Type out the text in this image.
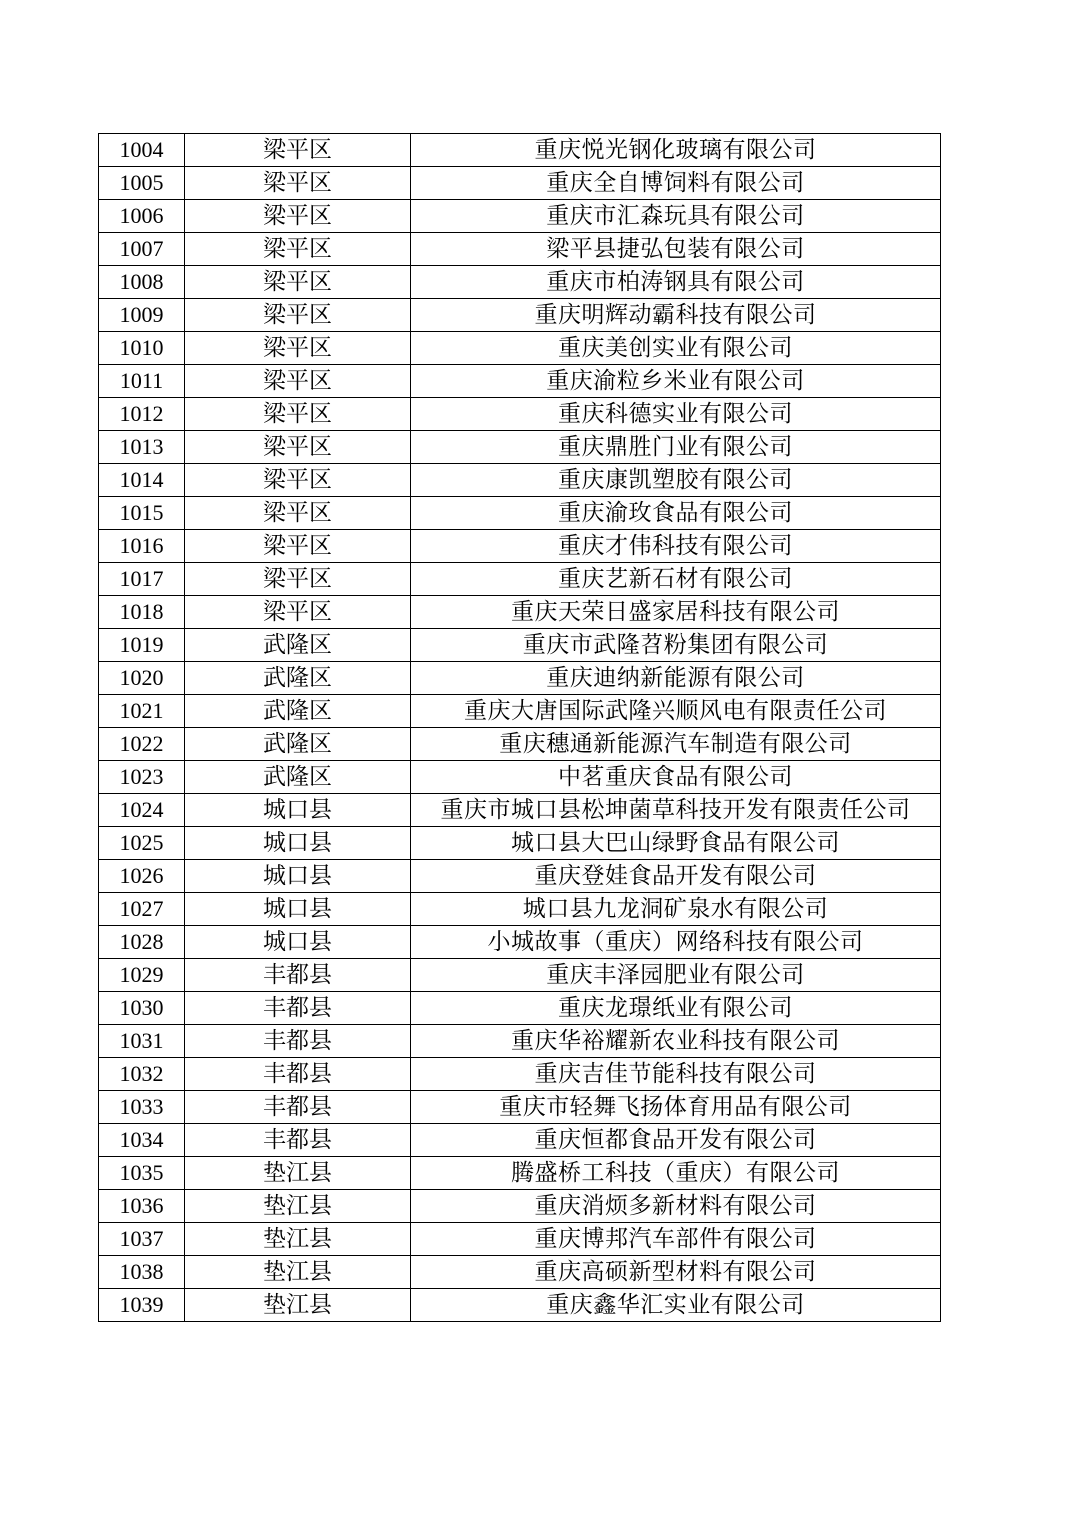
1004	梁平区	重庆悦光钢化玻璃有限公司
1005	梁平区	重庆全自博饲料有限公司
1006	梁平区	重庆市汇森玩具有限公司
1007	梁平区	梁平县捷弘包装有限公司
1008	梁平区	重庆市柏涛钢具有限公司
1009	梁平区	重庆明辉动霸科技有限公司
1010	梁平区	重庆美创实业有限公司
1011	梁平区	重庆渝粒乡米业有限公司
1012	梁平区	重庆科德实业有限公司
1013	梁平区	重庆鼎胜门业有限公司
1014	梁平区	重庆康凯塑胶有限公司
1015	梁平区	重庆渝玫食品有限公司
1016	梁平区	重庆才伟科技有限公司
1017	梁平区	重庆艺新石材有限公司
1018	梁平区	重庆天荣日盛家居科技有限公司
1019	武隆区	重庆市武隆苕粉集团有限公司
1020	武隆区	重庆迪纳新能源有限公司
1021	武隆区	重庆大唐国际武隆兴顺风电有限责任公司
1022	武隆区	重庆穗通新能源汽车制造有限公司
1023	武隆区	中茗重庆食品有限公司
1024	城口县	重庆市城口县松坤菌草科技开发有限责任公司
1025	城口县	城口县大巴山绿野食品有限公司
1026	城口县	重庆登娃食品开发有限公司
1027	城口县	城口县九龙洞矿泉水有限公司
1028	城口县	小城故事（重庆）网络科技有限公司
1029	丰都县	重庆丰泽园肥业有限公司
1030	丰都县	重庆龙璟纸业有限公司
1031	丰都县	重庆华裕耀新农业科技有限公司
1032	丰都县	重庆吉佳节能科技有限公司
1033	丰都县	重庆市轻舞飞扬体育用品有限公司
1034	丰都县	重庆恒都食品开发有限公司
1035	垫江县	腾盛桥工科技（重庆）有限公司
1036	垫江县	重庆消烦多新材料有限公司
1037	垫江县	重庆博邦汽车部件有限公司
1038	垫江县	重庆高硕新型材料有限公司
1039	垫江县	重庆鑫华汇实业有限公司
